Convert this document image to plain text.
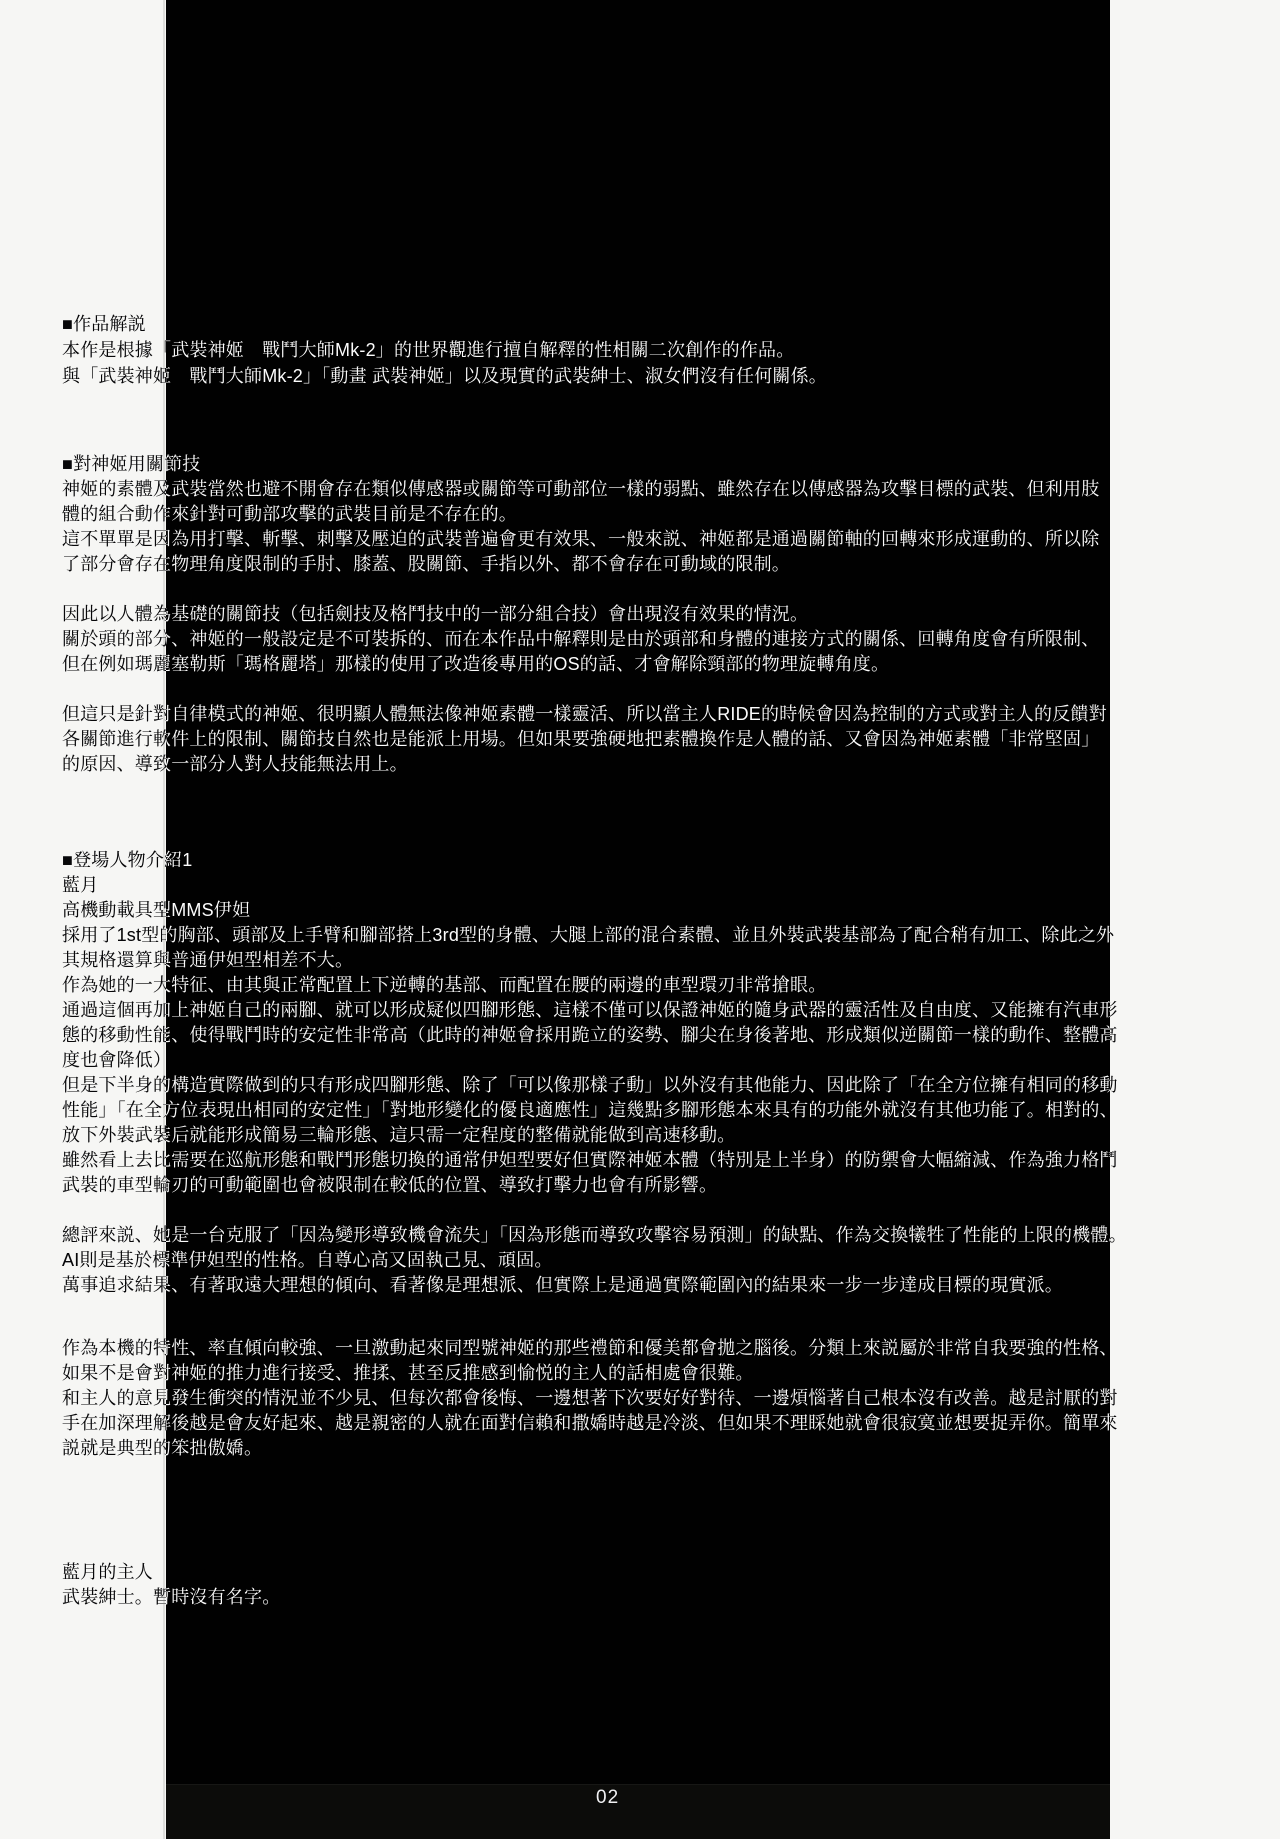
■作品解説
本作是根據「武裝神姬　戰鬥大師Mk-2」的世界觀進行擅自解釋的性相關二次創作的作品。
與「武裝神姬　戰鬥大師Mk-2」「動畫 武裝神姬」以及現實的武裝紳士、淑女們沒有任何關係。
■對神姬用關節技
神姬的素體及武裝當然也避不開會存在類似傳感器或關節等可動部位一樣的弱點、雖然存在以傳感器為攻擊目標的武裝、但利用肢
體的組合動作來針對可動部攻擊的武裝目前是不存在的。
這不單單是因為用打擊、斬擊、刺擊及壓迫的武裝普遍會更有效果、一般來説、神姬都是通過關節軸的回轉來形成運動的、所以除
了部分會存在物理角度限制的手肘、膝蓋、股關節、手指以外、都不會存在可動域的限制。

因此以人體為基礎的關節技（包括劍技及格鬥技中的一部分組合技）會出現沒有效果的情況。
關於頭的部分、神姬的一般設定是不可裝拆的、而在本作品中解釋則是由於頭部和身體的連接方式的關係、回轉角度會有所限制、
但在例如瑪麗塞勒斯「瑪格麗塔」那樣的使用了改造後專用的OS的話、才會解除頸部的物理旋轉角度。

但這只是針對自律模式的神姬、很明顯人體無法像神姬素體一樣靈活、所以當主人RIDE的時候會因為控制的方式或對主人的反饋對
各關節進行軟件上的限制、關節技自然也是能派上用場。但如果要強硬地把素體換作是人體的話、又會因為神姬素體「非常堅固」
的原因、導致一部分人對人技能無法用上。
■登場人物介紹1
藍月
高機動載具型MMS伊妲
採用了1st型的胸部、頭部及上手臂和腳部搭上3rd型的身體、大腿上部的混合素體、並且外裝武裝基部為了配合稍有加工、除此之外
其規格還算與普通伊妲型相差不大。
作為她的一大特征、由其與正常配置上下逆轉的基部、而配置在腰的兩邊的車型環刃非常搶眼。
通過這個再加上神姬自己的兩腳、就可以形成疑似四腳形態、這樣不僅可以保證神姬的隨身武器的靈活性及自由度、又能擁有汽車形
態的移動性能、使得戰鬥時的安定性非常高（此時的神姬會採用跪立的姿勢、腳尖在身後著地、形成類似逆關節一樣的動作、整體高
度也會降低）
但是下半身的構造實際做到的只有形成四腳形態、除了「可以像那樣子動」以外沒有其他能力、因此除了「在全方位擁有相同的移動
性能」「在全方位表現出相同的安定性」「對地形變化的優良適應性」這幾點多腳形態本來具有的功能外就沒有其他功能了。相對的、
放下外裝武裝后就能形成簡易三輪形態、這只需一定程度的整備就能做到高速移動。
雖然看上去比需要在巡航形態和戰鬥形態切換的通常伊妲型要好但實際神姬本體（特別是上半身）的防禦會大幅縮減、作為強力格鬥
武裝的車型輪刃的可動範圍也會被限制在較低的位置、導致打擊力也會有所影響。

總評來説、她是一台克服了「因為變形導致機會流失」「因為形態而導致攻擊容易預測」的缺點、作為交換犧牲了性能的上限的機體。
AI則是基於標準伊妲型的性格。自尊心高又固執己見、頑固。
萬事追求結果、有著取遠大理想的傾向、看著像是理想派、但實際上是通過實際範圍內的結果來一步一步達成目標的現實派。
作為本機的特性、率直傾向較強、一旦激動起來同型號神姬的那些禮節和優美都會拋之腦後。分類上來説屬於非常自我要強的性格、
如果不是會對神姬的推力進行接受、推揉、甚至反推感到愉悦的主人的話相處會很難。
和主人的意見發生衝突的情況並不少見、但每次都會後悔、一邊想著下次要好好對待、一邊煩惱著自己根本沒有改善。越是討厭的對
手在加深理解後越是會友好起來、越是親密的人就在面對信賴和撒嬌時越是冷淡、但如果不理睬她就會很寂寞並想要捉弄你。簡單來
説就是典型的笨拙傲嬌。
藍月的主人
武裝紳士。暫時沒有名字。
02
